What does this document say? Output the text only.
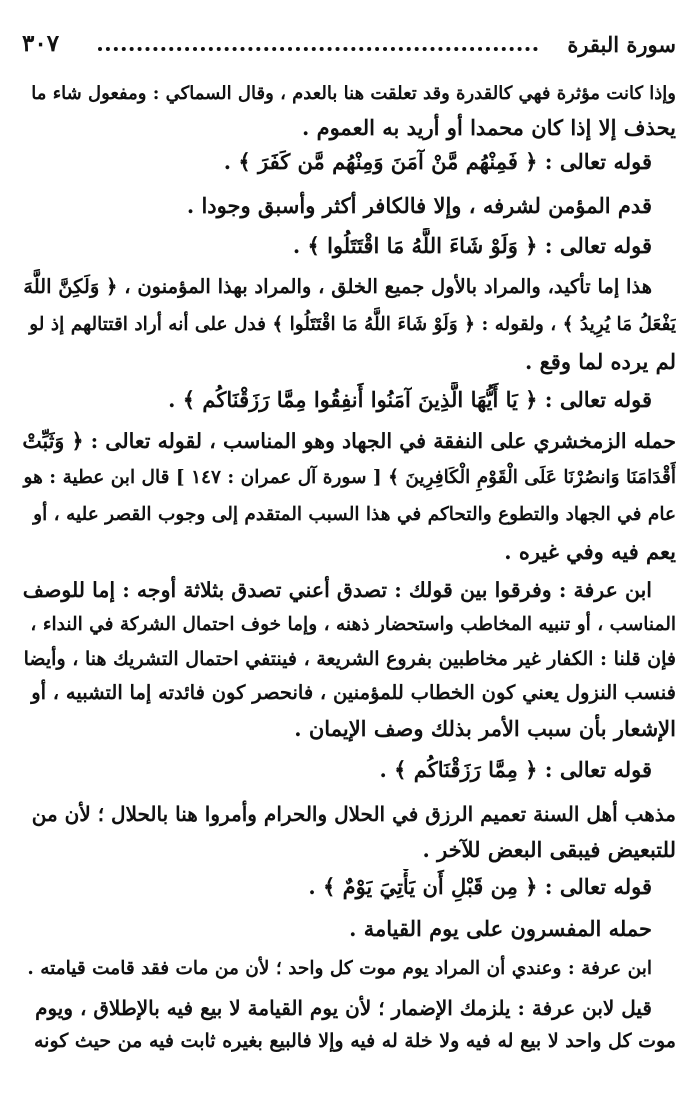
سورة البقرة
٣٠٧
وإذا كانت مؤثرة فهي كالقدرة وقد تعلقت هنا بالعدم ، وقال السماكي : ومفعول شاء ما
يحذف إلا إذا كان محمدا أو أريد به العموم .
قوله تعالى : ﴿ فَمِنْهُم مَّنْ آمَنَ وَمِنْهُم مَّن كَفَرَ ﴾ .
قدم المؤمن لشرفه ، وإلا فالكافر أكثر وأسبق وجودا .
قوله تعالى : ﴿ وَلَوْ شَاءَ اللَّهُ مَا اقْتَتَلُوا ﴾ .
هذا إما تأكيد، والمراد بالأول جميع الخلق ، والمراد بهذا المؤمنون ، ﴿ وَلَكِنَّ اللَّهَ
يَفْعَلُ مَا يُرِيدُ ﴾ ، ولقوله : ﴿ وَلَوْ شَاءَ اللَّهُ مَا اقْتَتَلُوا ﴾ فدل على أنه أراد اقتتالهم إذ لو
لم يرده لما وقع .
قوله تعالى : ﴿ يَا أَيُّهَا الَّذِينَ آمَنُوا أَنفِقُوا مِمَّا رَزَقْنَاكُم ﴾ .
حمله الزمخشري على النفقة في الجهاد وهو المناسب ، لقوله تعالى : ﴿ وَثَبِّتْ
أَقْدَامَنَا وَانصُرْنَا عَلَى الْقَوْمِ الْكَافِرِينَ ﴾ [ سورة آل عمران : ١٤٧ ] قال ابن عطية : هو
عام في الجهاد والتطوع والتحاكم في هذا السبب المتقدم إلى وجوب القصر عليه ، أو
يعم فيه وفي غيره .
ابن عرفة : وفرقوا بين قولك : تصدق أعني تصدق بثلاثة أوجه : إما للوصف
المناسب ، أو تنبيه المخاطب واستحضار ذهنه ، وإما خوف احتمال الشركة في النداء ،
فإن قلنا : الكفار غير مخاطبين بفروع الشريعة ، فينتفي احتمال التشريك هنا ، وأيضا
فنسب النزول يعني كون الخطاب للمؤمنين ، فانحصر كون فائدته إما التشبيه ، أو
الإشعار بأن سبب الأمر بذلك وصف الإيمان .
قوله تعالى : ﴿ مِمَّا رَزَقْنَاكُم ﴾ .
مذهب أهل السنة تعميم الرزق في الحلال والحرام وأمروا هنا بالحلال ؛ لأن من
للتبعيض فيبقى البعض للآخر .
قوله تعالى : ﴿ مِن قَبْلِ أَن يَأْتِيَ يَوْمٌ ﴾ .
حمله المفسرون على يوم القيامة .
ابن عرفة : وعندي أن المراد يوم موت كل واحد ؛ لأن من مات فقد قامت قيامته .
قيل لابن عرفة : يلزمك الإضمار ؛ لأن يوم القيامة لا بيع فيه بالإطلاق ، ويوم
موت كل واحد لا بيع له فيه ولا خلة له فيه وإلا فالبيع بغيره ثابت فيه من حيث كونه
